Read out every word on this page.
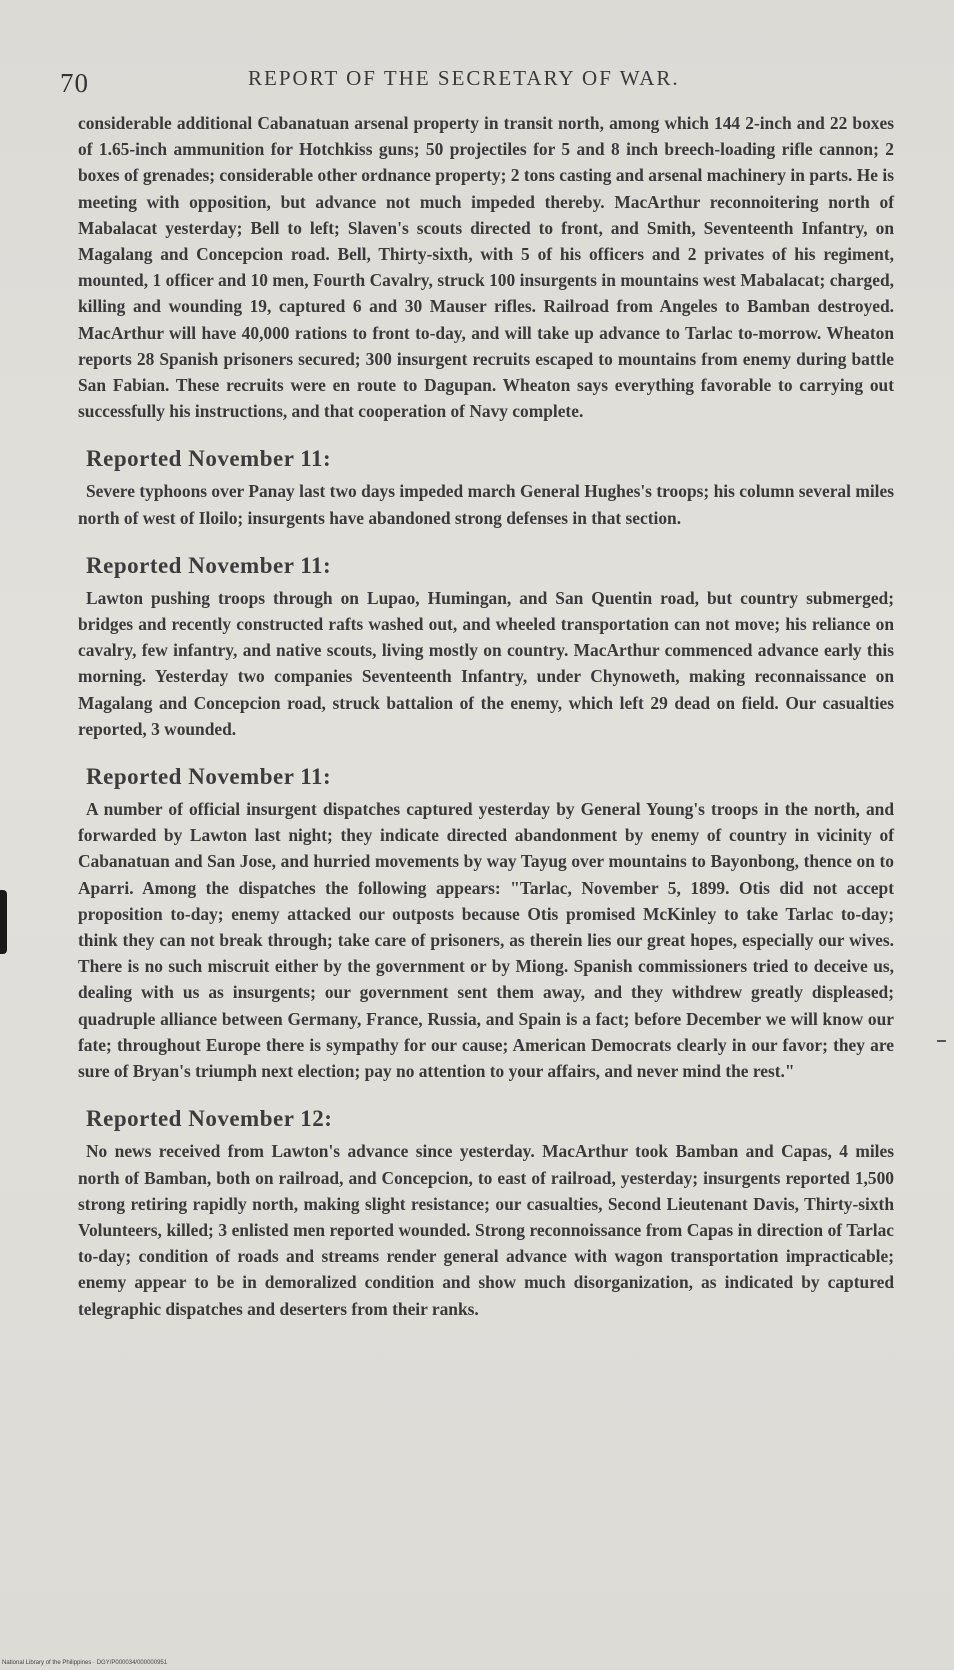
70	REPORT OF THE SECRETARY OF WAR.

considerable additional Cabanatuan arsenal property in transit north, among which 144 2-inch and 22 boxes of 1.65-inch ammunition for Hotchkiss guns; 50 projectiles for 5 and 8 inch breech-loading rifle cannon; 2 boxes of grenades; considerable other ordnance property; 2 tons casting and arsenal machinery in parts. He is meeting with opposition, but advance not much impeded thereby. MacArthur reconnoitering north of Mabalacat yesterday; Bell to left; Slaven's scouts directed to front, and Smith, Seventeenth Infantry, on Magalang and Concepcion road. Bell, Thirty-sixth, with 5 of his officers and 2 privates of his regiment, mounted, 1 officer and 10 men, Fourth Cavalry, struck 100 insurgents in mountains west Mabalacat; charged, killing and wounding 19, captured 6 and 30 Mauser rifles. Railroad from Angeles to Bamban destroyed. MacArthur will have 40,000 rations to front to-day, and will take up advance to Tarlac to-morrow. Wheaton reports 28 Spanish prisoners secured; 300 insurgent recruits escaped to mountains from enemy during battle San Fabian. These recruits were en route to Dagupan. Wheaton says everything favorable to carrying out successfully his instructions, and that cooperation of Navy complete.

Reported November 11:

Severe typhoons over Panay last two days impeded march General Hughes's troops; his column several miles north of west of Iloilo; insurgents have abandoned strong defenses in that section.

Reported November 11:

Lawton pushing troops through on Lupao, Humingan, and San Quentin road, but country submerged; bridges and recently constructed rafts washed out, and wheeled transportation can not move; his reliance on cavalry, few infantry, and native scouts, living mostly on country. MacArthur commenced advance early this morning. Yesterday two companies Seventeenth Infantry, under Chynoweth, making reconnaissance on Magalang and Concepcion road, struck battalion of the enemy, which left 29 dead on field. Our casualties reported, 3 wounded.

Reported November 11:

A number of official insurgent dispatches captured yesterday by General Young's troops in the north, and forwarded by Lawton last night; they indicate directed abandonment by enemy of country in vicinity of Cabanatuan and San Jose, and hurried movements by way Tayug over mountains to Bayonbong, thence on to Aparri. Among the dispatches the following appears: "Tarlac, November 5, 1899. Otis did not accept proposition to-day; enemy attacked our outposts because Otis promised McKinley to take Tarlac to-day; think they can not break through; take care of prisoners, as therein lies our great hopes, especially our wives. There is no such miscruit either by the government or by Miong. Spanish commissioners tried to deceive us, dealing with us as insurgents; our government sent them away, and they withdrew greatly displeased; quadruple alliance between Germany, France, Russia, and Spain is a fact; before December we will know our fate; throughout Europe there is sympathy for our cause; American Democrats clearly in our favor; they are sure of Bryan's triumph next election; pay no attention to your affairs, and never mind the rest."

Reported November 12:

No news received from Lawton's advance since yesterday. MacArthur took Bamban and Capas, 4 miles north of Bamban, both on railroad, and Concepcion, to east of railroad, yesterday; insurgents reported 1,500 strong retiring rapidly north, making slight resistance; our casualties, Second Lieutenant Davis, Thirty-sixth Volunteers, killed; 3 enlisted men reported wounded. Strong reconnoissance from Capas in direction of Tarlac to-day; condition of roads and streams render general advance with wagon transportation impracticable; enemy appear to be in demoralized condition and show much disorganization, as indicated by captured telegraphic dispatches and deserters from their ranks.

National Library of the Philippines · DGY/P000034/000000951
